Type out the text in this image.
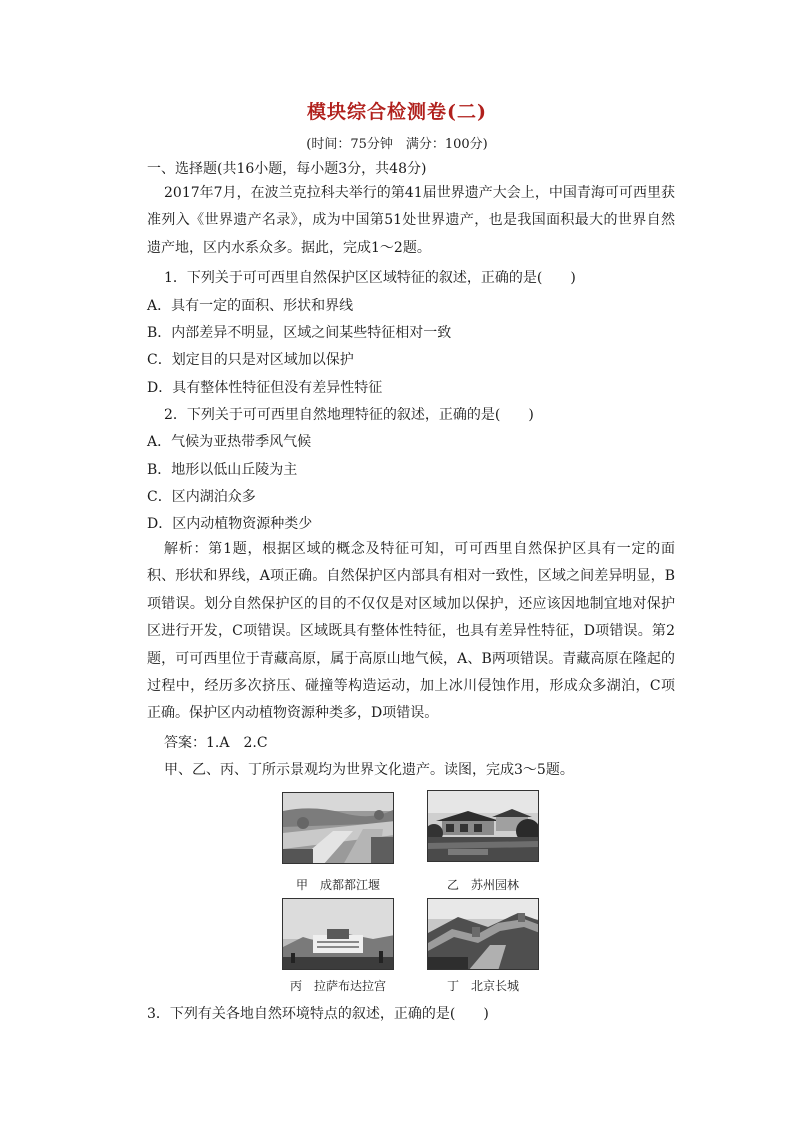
模块综合检测卷(二)
(时间：75分钟　满分：100分)
一、选择题(共16小题，每小题3分，共48分)
2017年7月，在波兰克拉科夫举行的第41届世界遗产大会上，中国青海可可西里获准列入《世界遗产名录》，成为中国第51处世界遗产，也是我国面积最大的世界自然遗产地，区内水系众多。据此，完成1～2题。
1．下列关于可可西里自然保护区区域特征的叙述，正确的是(　　)
A．具有一定的面积、形状和界线
B．内部差异不明显，区域之间某些特征相对一致
C．划定目的只是对区域加以保护
D．具有整体性特征但没有差异性特征
2．下列关于可可西里自然地理特征的叙述，正确的是(　　)
A．气候为亚热带季风气候
B．地形以低山丘陵为主
C．区内湖泊众多
D．区内动植物资源种类少
解析：第1题，根据区域的概念及特征可知，可可西里自然保护区具有一定的面积、形状和界线，A项正确。自然保护区内部具有相对一致性，区域之间差异明显，B项错误。划分自然保护区的目的不仅仅是对区域加以保护，还应该因地制宜地对保护区进行开发，C项错误。区域既具有整体性特征，也具有差异性特征，D项错误。第2题，可可西里位于青藏高原，属于高原山地气候，A、B两项错误。青藏高原在隆起的过程中，经历多次挤压、碰撞等构造运动，加上冰川侵蚀作用，形成众多湖泊，C项正确。保护区内动植物资源种类多，D项错误。
答案：1.A　2.C
甲、乙、丙、丁所示景观均为世界文化遗产。读图，完成3～5题。
甲　成都都江堰	乙　苏州园林
丙　拉萨布达拉宫	丁　北京长城
3．下列有关各地自然环境特点的叙述，正确的是(　　)
